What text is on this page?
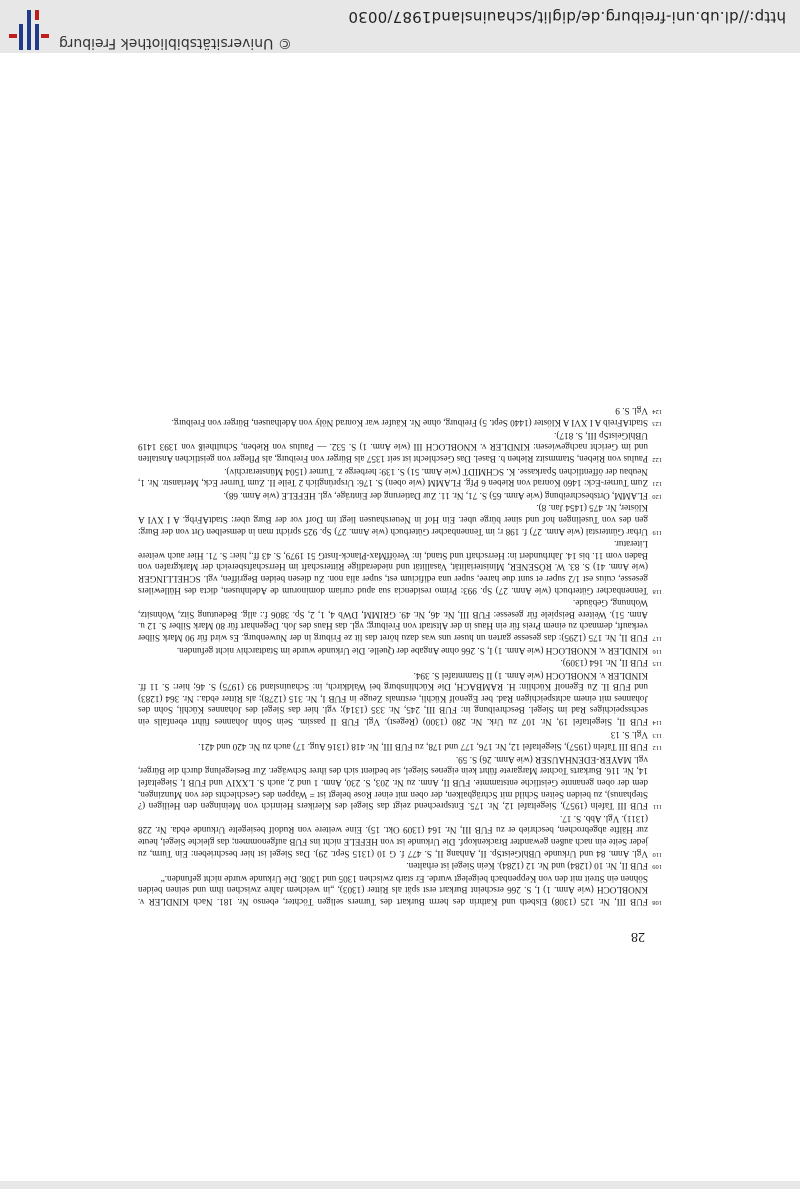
28
108
FUB III, Nr. 125 (1308) Elsbeth und Kathrin des herrn Burkart des Turners seligen Töchter, ebenso Nr. 181. Nach KINDLER v. KNOBLOCH (wie Anm. 1) I, S. 266 erscheint Burkart erst spät als Ritter (1303), „in welchem Jahre zwischen ihm und seinen beiden Söhnen ein Streit mit den von Keppenbach beigelegt wurde. Er starb zwischen 1305 und 1308. Die Urkunde wurde nicht gefunden.“
109
FUB II, Nr. 10 (1284) und Nr. 12 (1284). Kein Siegel ist erhalten.
110
Vgl. Anm. 84 und Urkunde UBhlGeistSp. II, Anhang II, S. 477 f. G 10 (1315 Sept. 29). Das Siegel ist hier beschrieben: Ein Turm, zu jeder Seite ein nach außen gewandter Brackenkopf. Die Urkunde ist von HEFELE nicht ins FUB aufgenommen; das gleiche Siegel, heute zur Hälfte abgebrochen, beschrieb er zu FUB III, Nr. 164 (1309 Okt. 15). Eine weitere von Rudolf besiegelte Urkunde ebda. Nr. 228 (1311). Vgl. Abb. S. 17.
111
FUB III Tafeln (1957), Siegeltafel 12, Nr. 175. Entsprechend zeigt das Siegel des Klerikers Heinrich von Meiningen den Heiligen (?Stephanus), zu beiden Seiten Schild mit Schrägbalken, der oben mit einer Rose belegt ist = Wappen des Geschlechts der von Munzingen, dem der oben genannte Geistliche entstammte. FUB II, Anm. zu Nr. 203, S. 230, Anm. 1 und 2, auch S. LXXIV und FUB I, Siegeltafel 14, Nr. 116. Burkarts Tochter Margarete führt kein eigenes Siegel, sie bedient sich des ihrer Schwäger. Zur Besiegelung durch die Bürger, vgl. MAYER-EDENHAUSER (wie Anm. 26) S. 59.
112
FUB III Tafeln (1957), Siegeltafel 12, Nr. 176, 177 und 178, zu FUB III, Nr. 418 (1316 Aug. 17) auch zu Nr. 420 und 421.
113
Vgl. S. 13
114
FUB II, Siegeltafel 19, Nr. 107 zu Urk. Nr. 280 (1300) (Regest). Vgl. FUB II passim. Sein Sohn Johannes führt ebenfalls ein sechsspeichiges Rad im Siegel. Beschreibung in: FUB III, 245, Nr. 335 (1314); vgl. hier das Siegel des Johannes Küchli, Sohn des Johannes mit einem achtspeichigen Rad. ber Egenolf Küchli, erstmals Zeuge in FUB I, Nr. 315 (1278); als Ritter ebda.: Nr. 364 (1283) und FUB II. Zu Egenolf Küchlin: H. RAMBACH, Die Küchlinsburg bei Waldkirch, in: Schauinsland 93 (1975) S. 46; hier: S. 11 ff. KINDLER v. KNOBLOCH (wie Anm. 1) II Stammtafel S. 394.
115
FUB II, Nr. 164 (1309).
116
KINDLER v. KNOBLOCH (wie Anm. 1) I, S. 266 ohne Angabe der Quelle. Die Urkunde wurde im Stadtarchiv nicht gefunden.
117
FUB II, Nr. 175 (1295): das gesesse garten un huser uns was dazu höret das lit ze Friburg in der Nuwenburg. Es wird für 90 Mark Silber verkauft, demnach zu einem Preis für ein Haus in der Altstadt von Freiburg; vgl. das Haus des Joh. Degenhart für 80 Mark Silber S. 12 u. Anm. 51). Weitere Beispiele für gesesse: FUB III, Nr. 46, Nr. 49. GRIMM, DWb 4, 1, 2, Sp. 3806 f.: allg. Bedeutung Sitz, Wohnsitz, Wohnung, Gebäude.
118
Tennenbacher Güterbuch (wie Anm. 27) Sp. 993: Primo residencia sua apud curiam dominorum de Adelnhusen, dicta des Hüllewilers gesesse, cuius est 1/2 super et sunt due haree, super una edificium est, super alia non. Zu diesen beiden Begriffen, vgl. SCHELLINGER (wie Anm. 41) S. 83. W. RÖSENER, Ministerialität, Vasallität und niederadlige Ritterschaft im Herrschaftsbereich der Markgrafen von Baden vom 11. bis 14. Jahrhundert in: Herrschaft und Stand, in: VeröffMax-Planck-InstG 51 1979, S. 43 ff., hier: S. 71. Hier auch weitere Literatur.
119
Urbar Günterstal (wie Anm. 27) f. 198 r; im Tennenbacher Güterbuch (wie Anm. 27) Sp. 925 spricht man in demselben Ort von der Burg: gen des von Tuselingen hof und siner bürge uber. Ein Hof in Neuershausen liegt im Dorf vor der Burg uber: StadtAFrbg. A I XVI A Klöster, Nr. 475 (1454 Jan. 8).
120
FLAMM, Ortsbeschreibung (wie Anm. 65) S. 71, Nr. 11. Zur Datierung der Einträge, vgl. HEFELE (wie Anm. 68).
121
Zum Turner-Eck: 1460 Konrad von Rieben 6 Pfg. FLAMM (wie oben) S. 176: Ursprünglich 2 Teile II. Zum Turner Eck, Merianstr. Nr. 1, Neubau der öffentlichen Sparkasse. K. SCHMIDT (wie Anm. 51) S. 139: herberge z. Turner (1504 Münsterarchiv).
122
Paulus von Rieben, Stammsitz Riehen b. Basel. Das Geschlecht ist seit 1357 als Bürger von Freiburg, als Pfleger von geistlichen Anstalten und im Gericht nachgewiesen: KINDLER v. KNOBLOCH III (wie Anm. 1) S. 532. — Paulus von Rieben, Schultheiß von 1393 1419 UBhlGeistSp III, S. 817).
123
StadtAFreib A I XVI A Klöster (1440 Sept. 5) Freiburg, ohne Nr. Käufer war Konrad Nöly von Adelhausen, Bürger von Freiburg.
124
Vgl. S. 9
© Universitätsbibliothek Freiburg
http://dl.ub.uni-freiburg.de/diglit/schauinsland1987/0030
